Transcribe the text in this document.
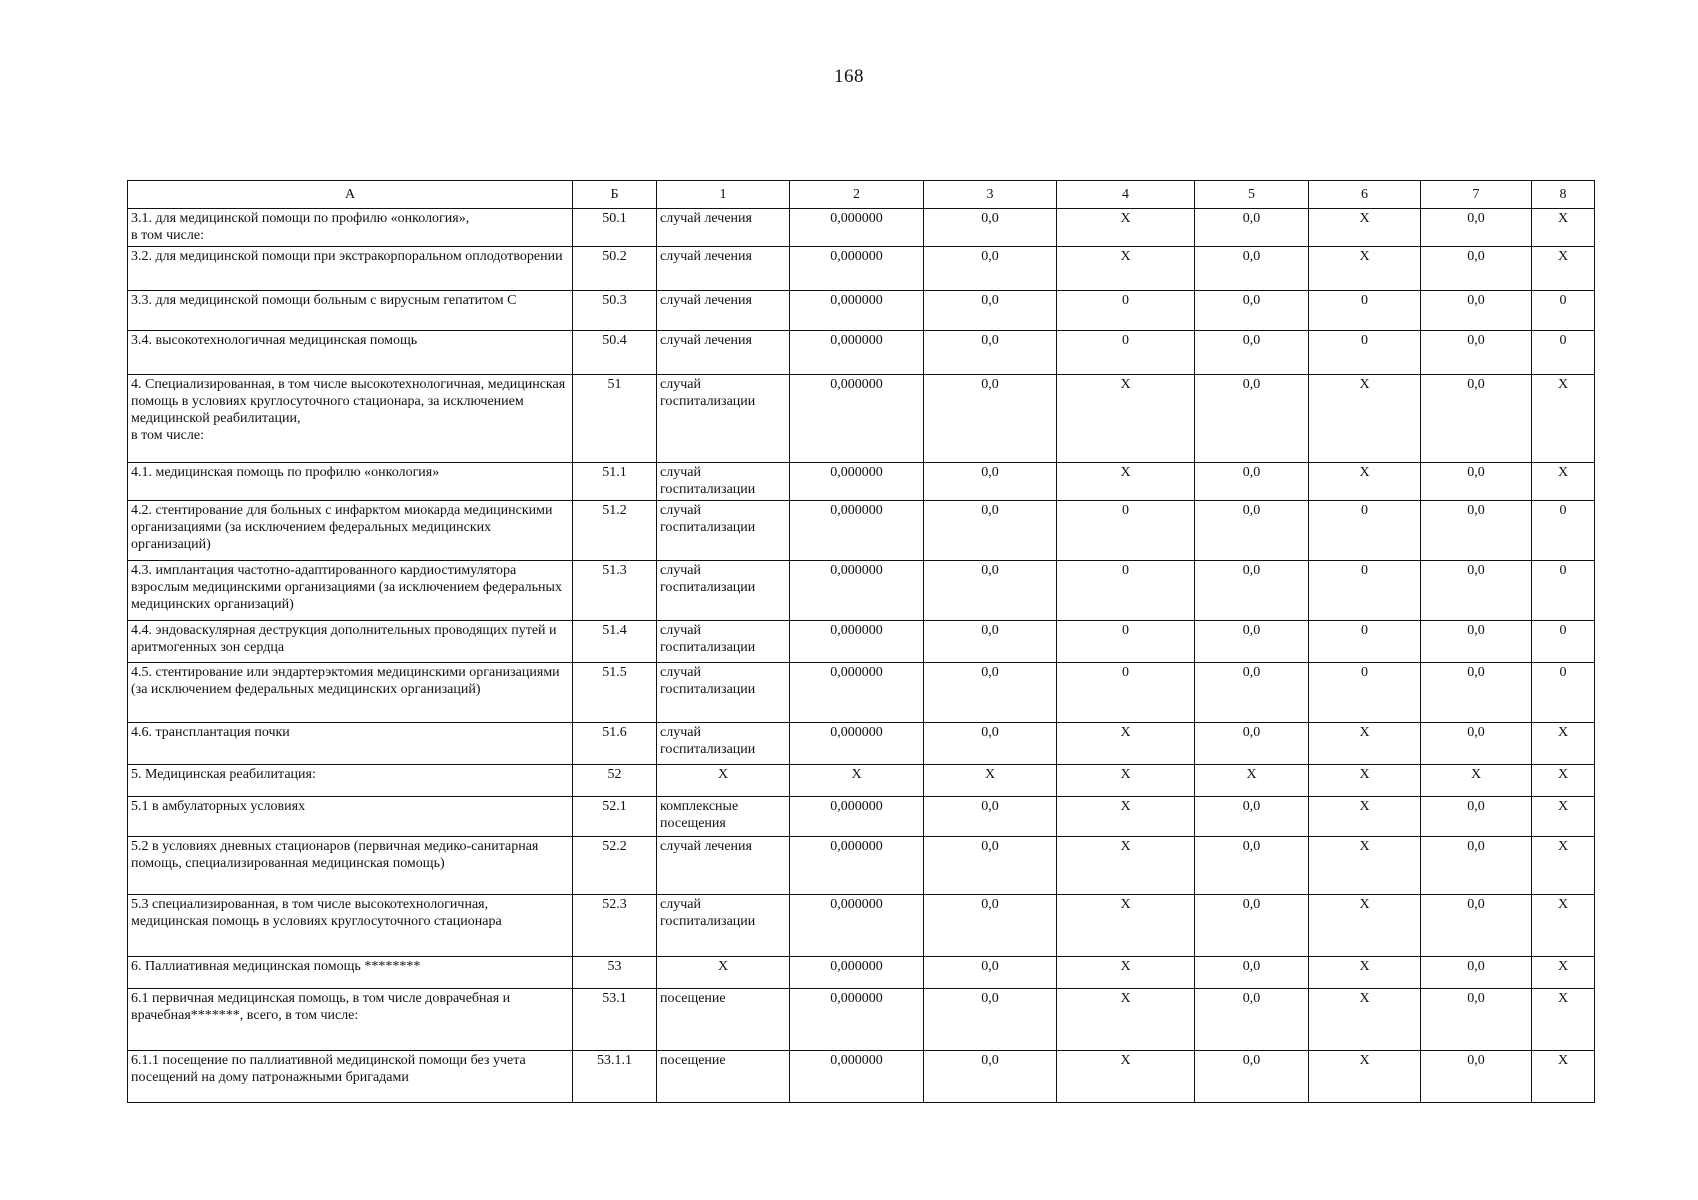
168
А	Б	1	2	3	4	5	6	7	8
3.1. для медицинской помощи по профилю «онкология»,
в том числе:	50.1	случай лечения	0,000000	0,0	Х	0,0	Х	0,0	Х
3.2. для медицинской помощи при экстракорпоральном оплодотворении	50.2	случай лечения	0,000000	0,0	Х	0,0	Х	0,0	Х
3.3. для медицинской помощи больным с вирусным гепатитом С	50.3	случай лечения	0,000000	0,0	0	0,0	0	0,0	0
3.4. высокотехнологичная медицинская помощь	50.4	случай лечения	0,000000	0,0	0	0,0	0	0,0	0
4. Специализированная, в том числе высокотехнологичная, медицинская помощь в условиях круглосуточного стационара, за исключением медицинской реабилитации,
в том числе:	51	случай госпитализации	0,000000	0,0	Х	0,0	Х	0,0	Х
4.1. медицинская помощь по профилю «онкология»	51.1	случай госпитализации	0,000000	0,0	Х	0,0	Х	0,0	Х
4.2. стентирование для больных с инфарктом миокарда медицинскими организациями (за исключением федеральных медицинских организаций)	51.2	случай госпитализации	0,000000	0,0	0	0,0	0	0,0	0
4.3. имплантация частотно-адаптированного кардиостимулятора взрослым медицинскими организациями (за исключением федеральных медицинских организаций)	51.3	случай госпитализации	0,000000	0,0	0	0,0	0	0,0	0
4.4. эндоваскулярная деструкция дополнительных проводящих путей и аритмогенных зон сердца	51.4	случай госпитализации	0,000000	0,0	0	0,0	0	0,0	0
4.5. стентирование или эндартерэктомия медицинскими организациями (за исключением федеральных медицинских организаций)	51.5	случай госпитализации	0,000000	0,0	0	0,0	0	0,0	0
4.6. трансплантация почки	51.6	случай госпитализации	0,000000	0,0	Х	0,0	Х	0,0	Х
5. Медицинская реабилитация:	52	Х	Х	Х	Х	Х	Х	Х	Х
5.1 в амбулаторных условиях	52.1	комплексные посещения	0,000000	0,0	Х	0,0	Х	0,0	Х
5.2 в условиях дневных стационаров (первичная медико-санитарная помощь, специализированная медицинская помощь)	52.2	случай лечения	0,000000	0,0	Х	0,0	Х	0,0	Х
5.3 специализированная, в том числе высокотехнологичная, медицинская помощь в условиях круглосуточного стационара	52.3	случай госпитализации	0,000000	0,0	Х	0,0	Х	0,0	Х
6. Паллиативная медицинская помощь ********	53	Х	0,000000	0,0	Х	0,0	Х	0,0	Х
6.1 первичная медицинская помощь, в том числе доврачебная и врачебная*******, всего, в том числе:	53.1	посещение	0,000000	0,0	Х	0,0	Х	0,0	Х
6.1.1 посещение по паллиативной медицинской помощи без учета посещений на дому патронажными бригадами	53.1.1	посещение	0,000000	0,0	Х	0,0	Х	0,0	Х
